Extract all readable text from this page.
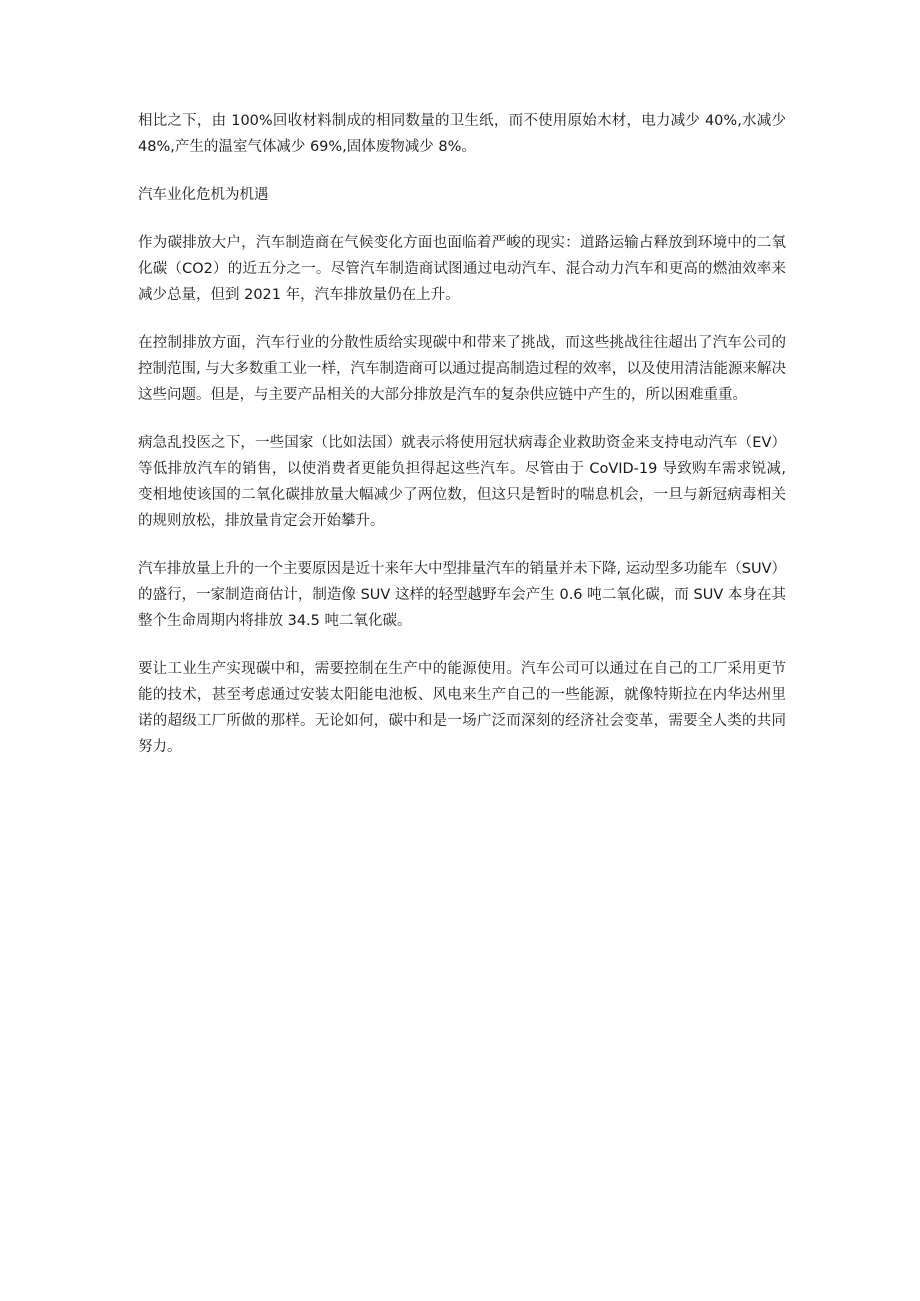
相比之下，由 100%回收材料制成的相同数量的卫生纸，而不使用原始木材，电力减少 40%,水减少 48%,产生的温室气体减少 69%,固体废物减少 8%。

汽车业化危机为机遇

作为碳排放大户，汽车制造商在气候变化方面也面临着严峻的现实：道路运输占释放到环境中的二氧化碳（CO2）的近五分之一。尽管汽车制造商试图通过电动汽车、混合动力汽车和更高的燃油效率来减少总量，但到 2021 年，汽车排放量仍在上升。

在控制排放方面，汽车行业的分散性质给实现碳中和带来了挑战，而这些挑战往往超出了汽车公司的控制范围, 与大多数重工业一样，汽车制造商可以通过提高制造过程的效率，以及使用清洁能源来解决这些问题。但是，与主要产品相关的大部分排放是汽车的复杂供应链中产生的，所以困难重重。

病急乱投医之下，一些国家（比如法国）就表示将使用冠状病毒企业救助资金来支持电动汽车（EV）等低排放汽车的销售，以使消费者更能负担得起这些汽车。尽管由于 CoVID-19 导致购车需求锐减, 变相地使该国的二氧化碳排放量大幅减少了两位数，但这只是暂时的喘息机会，一旦与新冠病毒相关的规则放松，排放量肯定会开始攀升。

汽车排放量上升的一个主要原因是近十来年大中型排量汽车的销量并未下降, 运动型多功能车（SUV）的盛行，一家制造商估计，制造像 SUV 这样的轻型越野车会产生 0.6 吨二氧化碳，而 SUV 本身在其整个生命周期内将排放 34.5 吨二氧化碳。

要让工业生产实现碳中和，需要控制在生产中的能源使用。汽车公司可以通过在自己的工厂采用更节能的技术，甚至考虑通过安装太阳能电池板、风电来生产自己的一些能源，就像特斯拉在内华达州里诺的超级工厂所做的那样。无论如何，碳中和是一场广泛而深刻的经济社会变革，需要全人类的共同努力。
